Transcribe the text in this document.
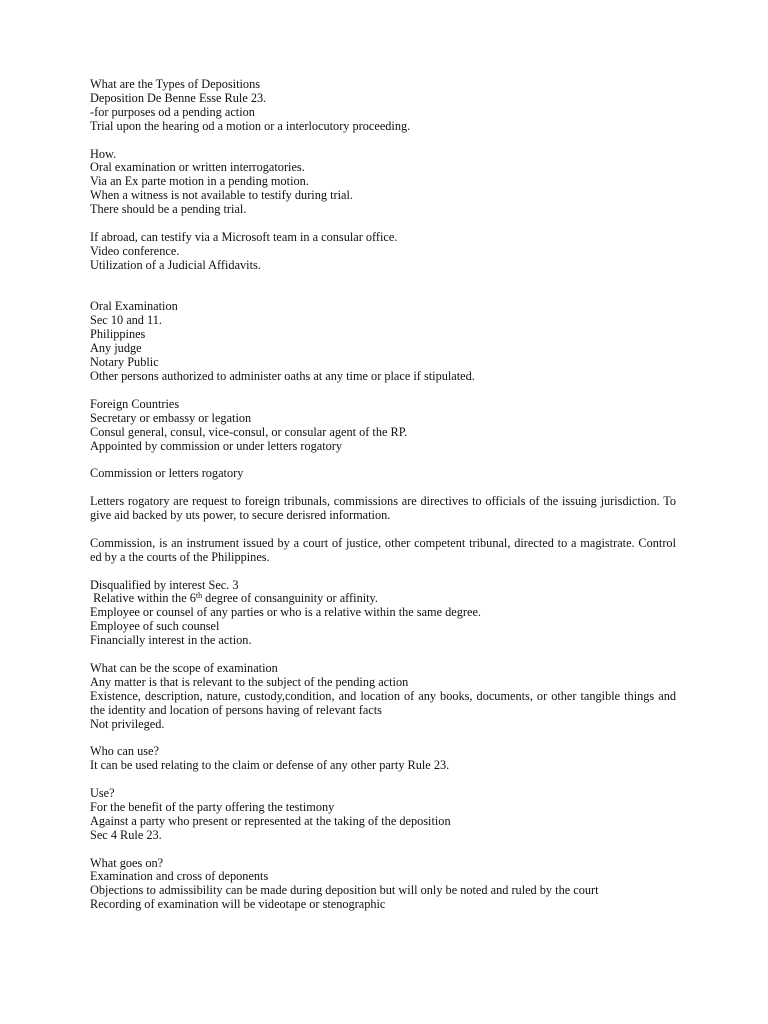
What are the Types of Depositions
Deposition De Benne Esse Rule 23.
-for purposes od a pending action
Trial upon the hearing od a motion or a interlocutory proceeding.
How.
Oral examination or written interrogatories.
Via an Ex parte motion in a pending motion.
When a witness is not available to testify during trial.
There should be a pending trial.
If abroad, can testify via a Microsoft team in a consular office.
Video conference.
Utilization of a Judicial Affidavits.
Oral Examination
Sec 10 and 11.
Philippines
Any judge
Notary Public
Other persons authorized to administer oaths at any time or place if stipulated.
Foreign Countries
Secretary or embassy or legation
Consul general, consul, vice-consul, or consular agent of the RP.
Appointed by commission or under letters rogatory
Commission or letters rogatory
Letters rogatory are request to foreign tribunals, commissions are directives to officials of the issuing jurisdiction. To give aid backed by uts power, to secure derisred information.
Commission, is an instrument issued by a court of justice, other competent tribunal, directed to a magistrate. Control ed by a the courts of the Philippines.
Disqualified by interest Sec. 3
Relative within the 6th degree of consanguinity or affinity.
Employee or counsel of any parties or who is a relative within the same degree.
Employee of such counsel
Financially interest in the action.
What can be the scope of examination
Any matter is that is relevant to the subject of the pending action
Existence, description, nature, custody,condition, and location of any books, documents, or other tangible things and the identity and location of persons having of relevant facts
Not privileged.
Who can use?
It can be used relating to the claim or defense of any other party Rule 23.
Use?
For the benefit of the party offering the testimony
Against a party who present or represented at the taking of the deposition
Sec 4 Rule 23.
What goes on?
Examination and cross of deponents
Objections to admissibility can be made during deposition but will only be noted and ruled by the court
Recording of examination will be videotape or stenographic
